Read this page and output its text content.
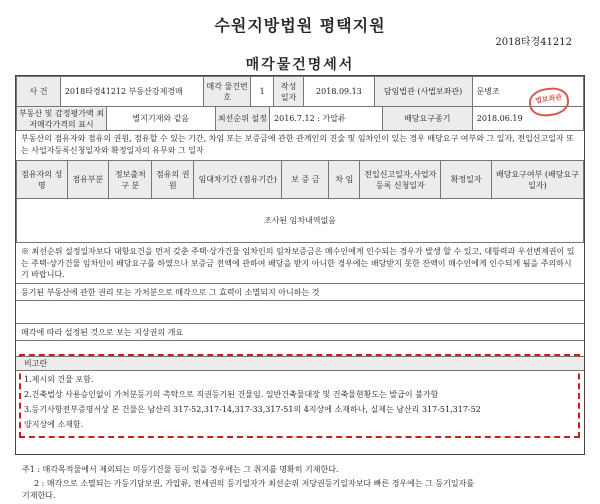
수원지방법원 평택지원
2018타경41212
매각물건명세서
사 건	2018타경41212 부동산강제경매	매각 물건번호	1	작성 일자	2018.09.13	담임법관 (사법보좌관)	문병조
부동산 및 감정평가액 최저매각가격의 표시	별지기재와 같음	최선순위 설정	2016.7.12 : 가압류	배당요구종기	2018.06.19
법보좌관
부동산의 점유자와 점유의 권원, 점유할 수 있는 기간, 차임 또는 보증금에 관한 관계인의 진술 및 임차인이 있는 경우 배당요구 여부와 그 일자, 전입신고일자 또는 사업자등록신청일자와 확정일자의 유무와 그 일자
점유자의 성 명	점유부분	정보출처 구 분	점유의 권 원	임대차기간 (점유기간)	보 증 금	차 임	전입신고일자,사업자등록 신청일자	확정일자	배당요구여부 (배당요구일자)
조사된 임차내역없음
※ 최선순위 설정일자보다 대항요건을 먼저 갖춘 주택·상가건물 임차인의 임차보증금은 매수인에게 인수되는 경우가 발생 할 수 있고, 대항력과 우선변제권이 있는 주택·상가건물 임차인이 배당요구를 하였으나 보증금 전액에 관하여 배당을 받지 아니한 경우에는 배당받지 못한 잔액이 매수인에게 인수되게 됨을 주의하시기 바랍니다.
등기된 부동산에 관한 권리 또는 가처분으로 매각으로 그 효력이 소멸되지 아니하는 것
매각에 따라 설정된 것으로 보는 지상권의 개요
비고란
1.제시외 건물 포함.
2.건축법상 사용승인없이 가처분등기의 촉탁으로 직권등기된 건물임. 일반건축물대장 및 건축물현황도는 발급이 불가함
3.등기사항전부증명서상 본 건물은 남산리 317-52,317-14,317-33,317-51의 4지상에 소재하나, 실제는 남산리 317-51,317-52
양지상에 소재함.
주1 : 매각목적물에서 제외되는 미등기건물 등이 있을 경우에는 그 취지를 명확히 기재한다.
2 : 매각으로 소멸되는 가등기담보권, 가압류, 전세권의 등기일자가 최선순위 저당권등기일자보다 빠른 경우에는 그 등기일자를
기재한다.
